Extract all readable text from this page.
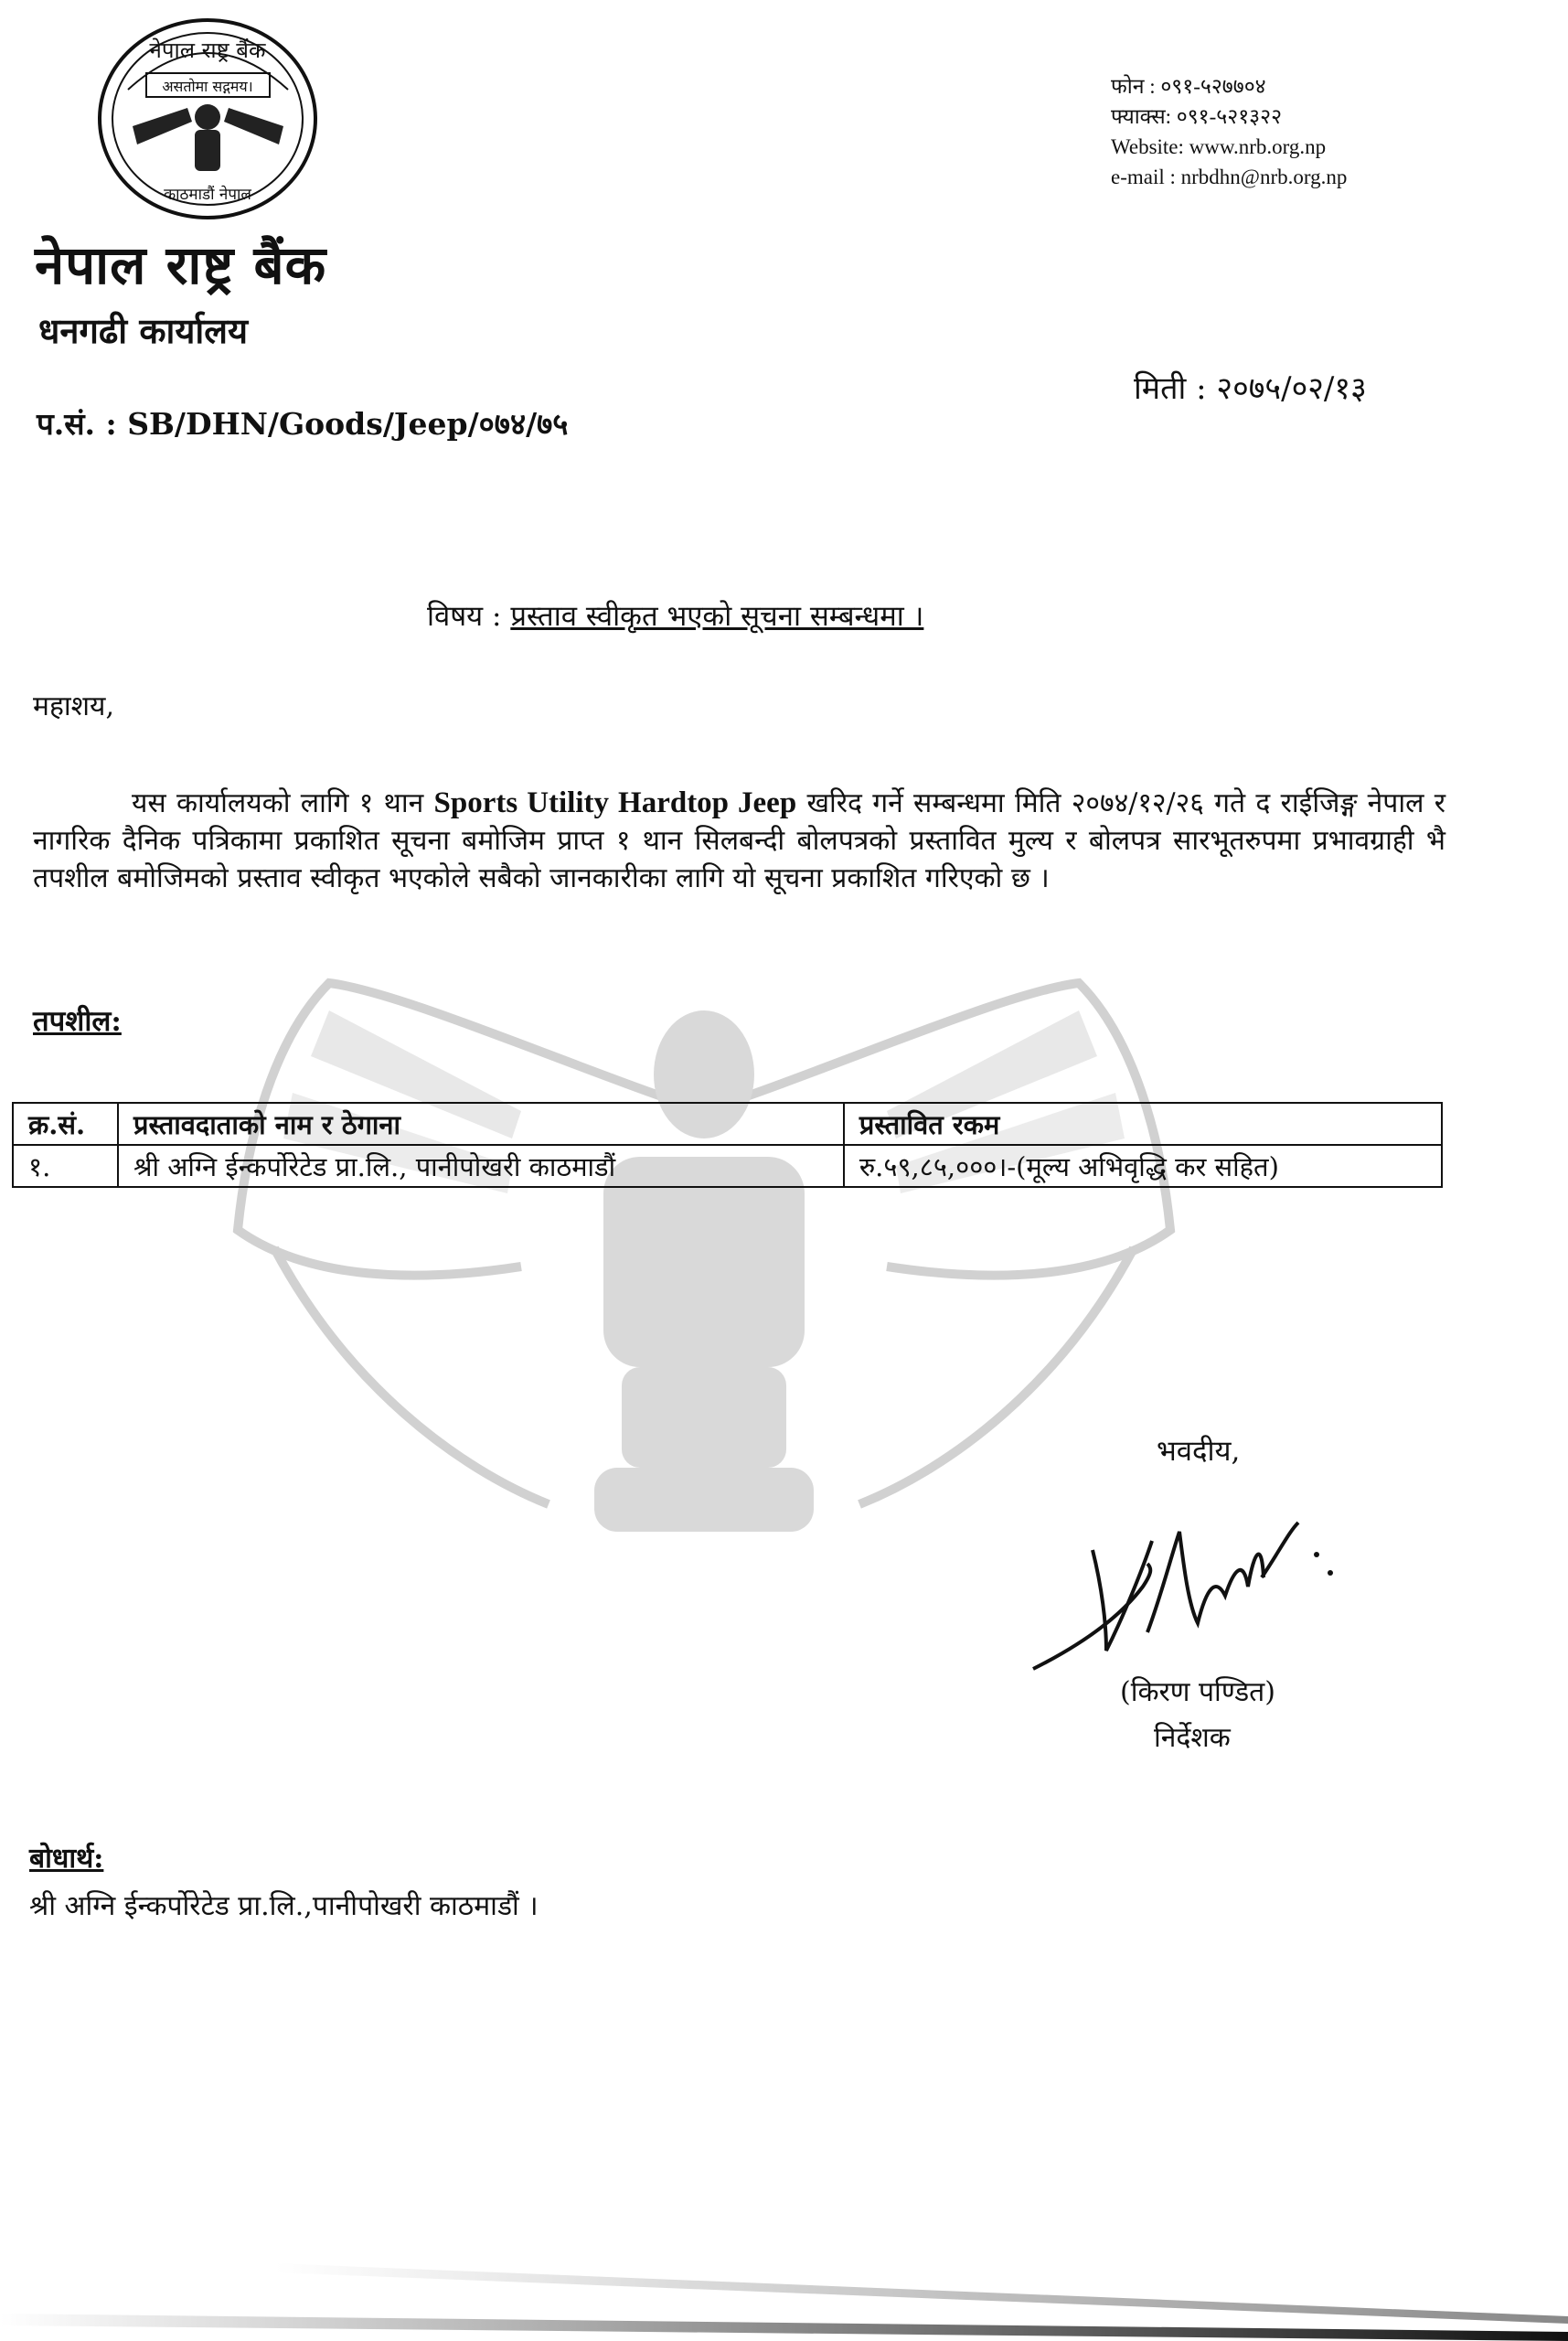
नेपाल राष्ट्र बैंक
असतोमा सद्गमय।
काठमाडौं नेपाल
फोन : ०९१-५२७७०४
फ्याक्स: ०९१-५२१३२२
Website: www.nrb.org.np
e-mail : nrbdhn@nrb.org.np
नेपाल राष्ट्र बैंक
धनगढी कार्यालय
मिती : २०७५/०२/१३
प.सं. : SB/DHN/Goods/Jeep/०७४/७५
विषय : प्रस्ताव स्वीकृत भएको सूचना सम्बन्धमा ।
महाशय,
यस कार्यालयको लागि १ थान Sports Utility Hardtop Jeep खरिद गर्ने सम्बन्धमा मिति २०७४/१२/२६ गते द राईजिङ्ग नेपाल र नागरिक दैनिक पत्रिकामा प्रकाशित सूचना बमोजिम प्राप्त १ थान सिलबन्दी बोलपत्रको प्रस्तावित मुल्य र बोलपत्र सारभूतरुपमा प्रभावग्राही भै तपशील बमोजिमको प्रस्ताव स्वीकृत भएकोले सबैको जानकारीका लागि यो सूचना प्रकाशित गरिएको छ ।
तपशील:
क्र.सं.	प्रस्तावदाताको नाम र ठेगाना	प्रस्तावित रकम
१.	श्री अग्नि ईन्कर्पोरेटेड प्रा.लि., पानीपोखरी काठमाडौं	रु.५९,८५,०००।-(मूल्य अभिवृद्धि कर सहित)
भवदीय,
(किरण पण्डित)
निर्देशक
बोधार्थ:
श्री अग्नि ईन्कर्पोरेटेड प्रा.लि.,पानीपोखरी काठमाडौं ।
